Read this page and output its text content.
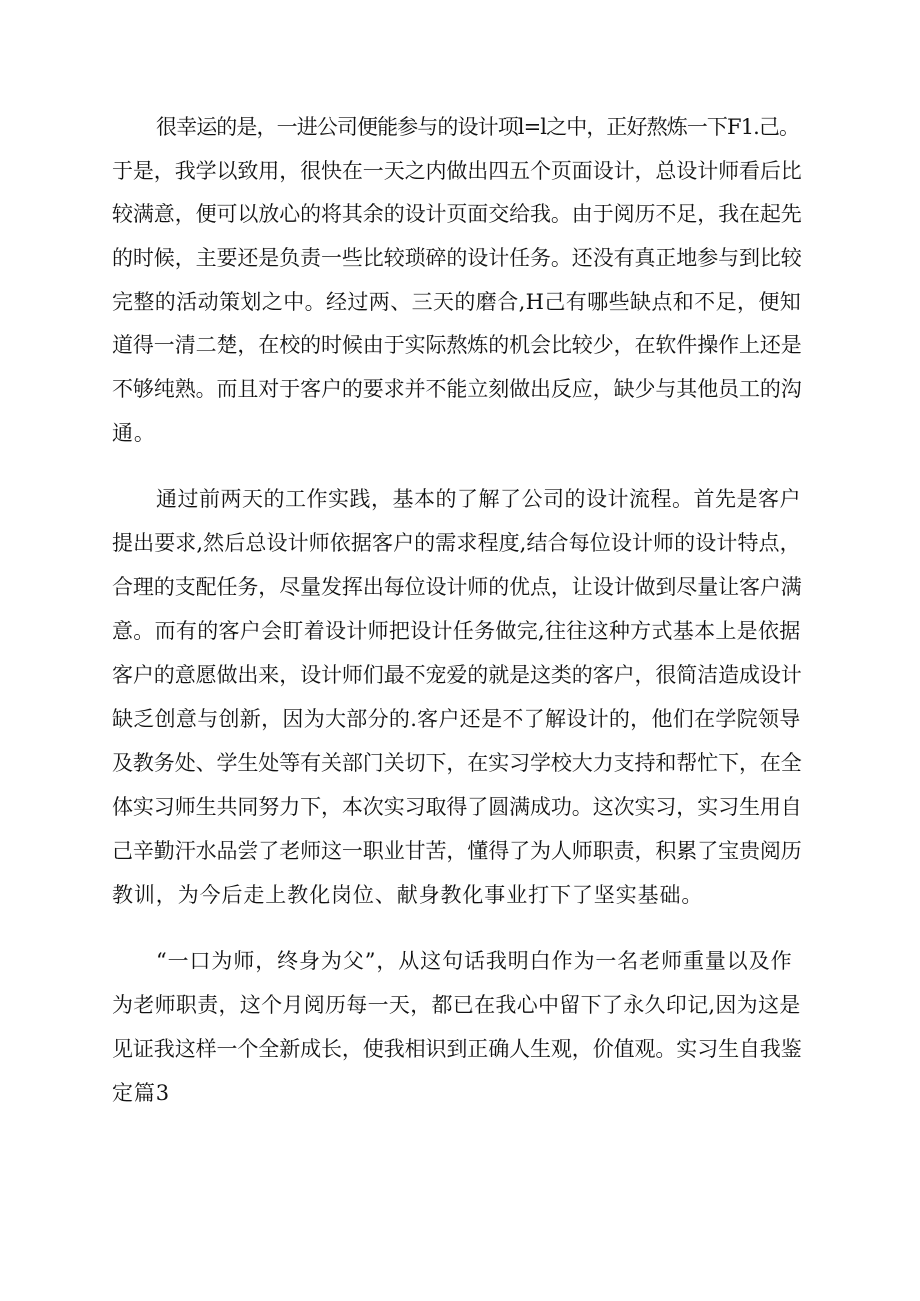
很幸运的是，一进公司便能参与的设计项l=l之中，正好熬炼一下F1.己。
于是，我学以致用，很快在一天之内做出四五个页面设计，总设计师看后比
较满意，便可以放心的将其余的设计页面交给我。由于阅历不足，我在起先
的时候，主要还是负责一些比较琐碎的设计任务。还没有真正地参与到比较
完整的活动策划之中。经过两、三天的磨合,H己有哪些缺点和不足，便知
道得一清二楚，在校的时候由于实际熬炼的机会比较少，在软件操作上还是
不够纯熟。而且对于客户的要求并不能立刻做出反应，缺少与其他员工的沟
通。
通过前两天的工作实践，基本的了解了公司的设计流程。首先是客户
提出要求,然后总设计师依据客户的需求程度,结合每位设计师的设计特点，
合理的支配任务，尽量发挥出每位设计师的优点，让设计做到尽量让客户满
意。而有的客户会盯着设计师把设计任务做完,往往这种方式基本上是依据
客户的意愿做出来，设计师们最不宠爱的就是这类的客户，很简洁造成设计
缺乏创意与创新，因为大部分的.客户还是不了解设计的，他们在学院领导
及教务处、学生处等有关部门关切下，在实习学校大力支持和帮忙下，在全
体实习师生共同努力下，本次实习取得了圆满成功。这次实习，实习生用自
己辛勤汗水品尝了老师这一职业甘苦，懂得了为人师职责，积累了宝贵阅历
教训，为今后走上教化岗位、献身教化事业打下了坚实基础。
“一口为师，终身为父”，从这句话我明白作为一名老师重量以及作
为老师职责，这个月阅历每一天，都已在我心中留下了永久印记,因为这是
见证我这样一个全新成长，使我相识到正确人生观，价值观。实习生自我鉴
定篇3
